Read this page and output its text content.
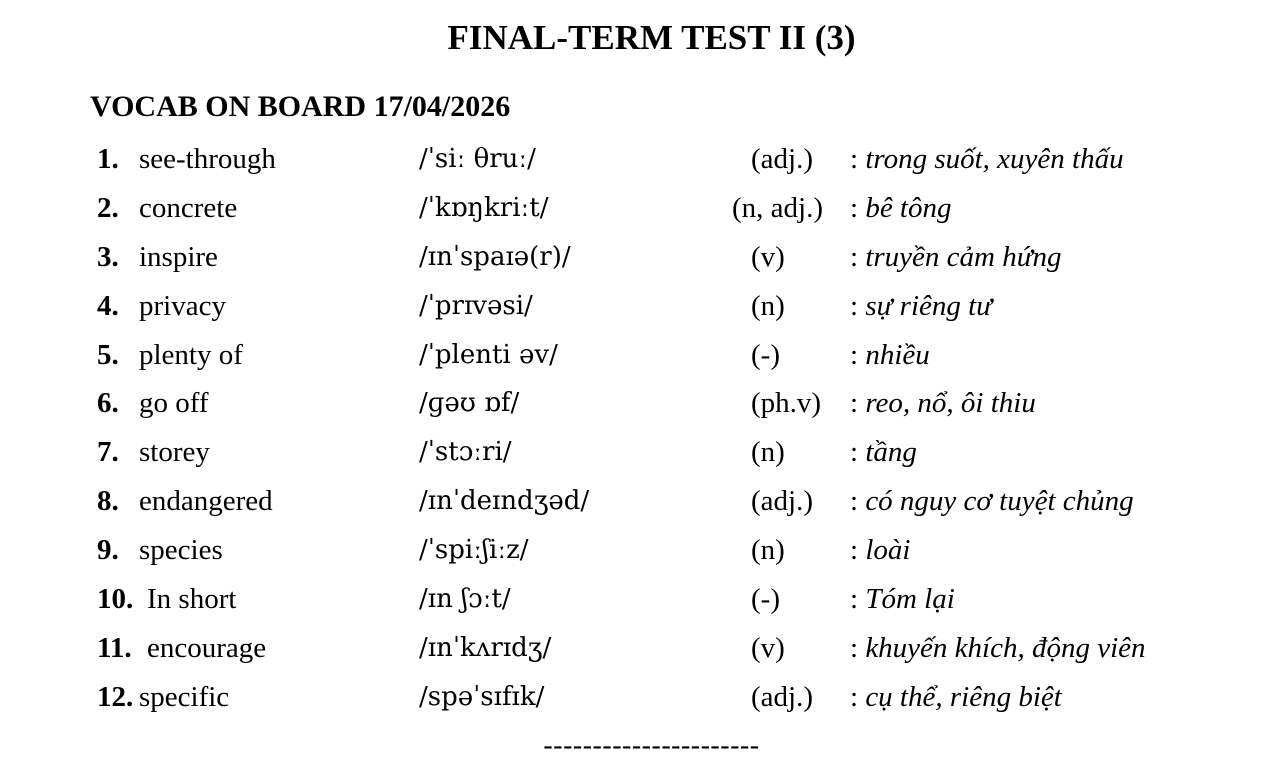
FINAL-TERM TEST II (3)
VOCAB ON BOARD 17/04/2026
1. see-through	/ˈsiː θruː/	(adj.) : trong suốt, xuyên thấu
2. concrete	/ˈkɒŋkriːt/	(n, adj.) : bê tông
3. inspire	/ɪnˈspaɪə(r)/	(v) : truyền cảm hứng
4. privacy	/ˈprɪvəsi/	(n) : sự riêng tư
5. plenty of	/ˈplenti əv/	(-) : nhiều
6. go off	/ɡəʊ ɒf/	(ph.v) : reo, nổ, ôi thiu
7. storey	/ˈstɔːri/	(n) : tầng
8. endangered	/ɪnˈdeɪndʒəd/	(adj.) : có nguy cơ tuyệt chủng
9. species	/ˈspiːʃiːz/	(n) : loài
10. In short	/ɪn ʃɔːt/	(-) : Tóm lại
11. encourage	/ɪnˈkʌrɪdʒ/	(v) : khuyến khích, động viên
12. specific	/spəˈsɪfɪk/	(adj.) : cụ thể, riêng biệt
----------------------
